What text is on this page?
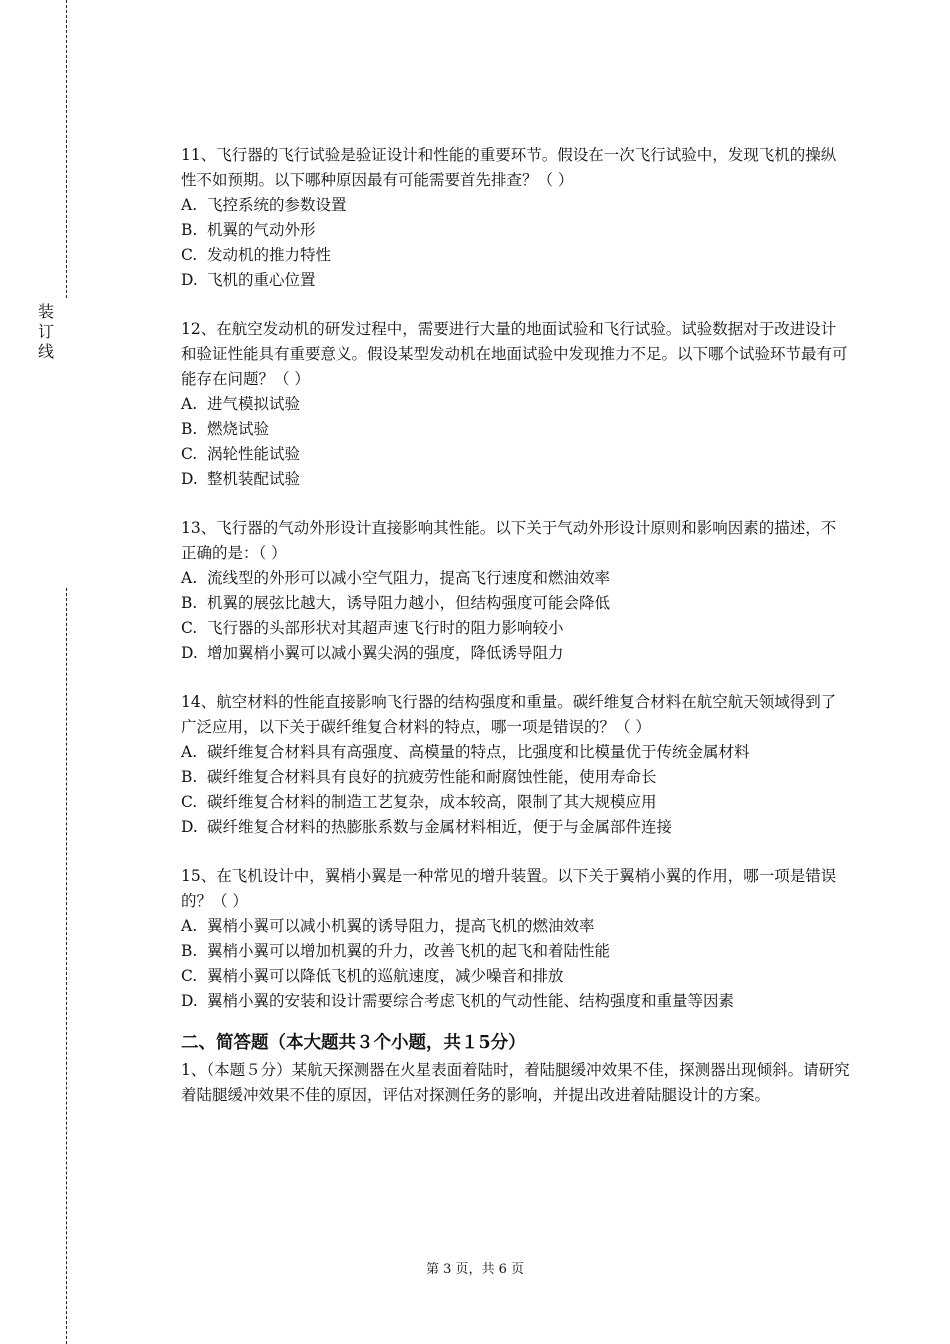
装
订
线

11、飞行器的飞行试验是验证设计和性能的重要环节。假设在一次飞行试验中，发现飞机的操纵性不如预期。以下哪种原因最有可能需要首先排查？（ ）

A. 飞控系统的参数设置

B. 机翼的气动外形

C. 发动机的推力特性

D. 飞机的重心位置

12、在航空发动机的研发过程中，需要进行大量的地面试验和飞行试验。试验数据对于改进设计和验证性能具有重要意义。假设某型发动机在地面试验中发现推力不足。以下哪个试验环节最有可能存在问题？（ ）

A. 进气模拟试验

B. 燃烧试验

C. 涡轮性能试验

D. 整机装配试验

13、飞行器的气动外形设计直接影响其性能。以下关于气动外形设计原则和影响因素的描述，不正确的是：（ ）

A. 流线型的外形可以减小空气阻力，提高飞行速度和燃油效率

B. 机翼的展弦比越大，诱导阻力越小，但结构强度可能会降低

C. 飞行器的头部形状对其超声速飞行时的阻力影响较小

D. 增加翼梢小翼可以减小翼尖涡的强度，降低诱导阻力

14、航空材料的性能直接影响飞行器的结构强度和重量。碳纤维复合材料在航空航天领域得到了广泛应用，以下关于碳纤维复合材料的特点，哪一项是错误的？（ ）

A. 碳纤维复合材料具有高强度、高模量的特点，比强度和比模量优于传统金属材料

B. 碳纤维复合材料具有良好的抗疲劳性能和耐腐蚀性能，使用寿命长

C. 碳纤维复合材料的制造工艺复杂，成本较高，限制了其大规模应用

D. 碳纤维复合材料的热膨胀系数与金属材料相近，便于与金属部件连接

15、在飞机设计中，翼梢小翼是一种常见的增升装置。以下关于翼梢小翼的作用，哪一项是错误的？（ ）

A. 翼梢小翼可以减小机翼的诱导阻力，提高飞机的燃油效率

B. 翼梢小翼可以增加机翼的升力，改善飞机的起飞和着陆性能

C. 翼梢小翼可以降低飞机的巡航速度，减少噪音和排放

D. 翼梢小翼的安装和设计需要综合考虑飞机的气动性能、结构强度和重量等因素

二、简答题（本大题共３个小题，共１5分）

1、（本题５分）某航天探测器在火星表面着陆时，着陆腿缓冲效果不佳，探测器出现倾斜。请研究着陆腿缓冲效果不佳的原因，评估对探测任务的影响，并提出改进着陆腿设计的方案。

第 3 页，共 6 页
